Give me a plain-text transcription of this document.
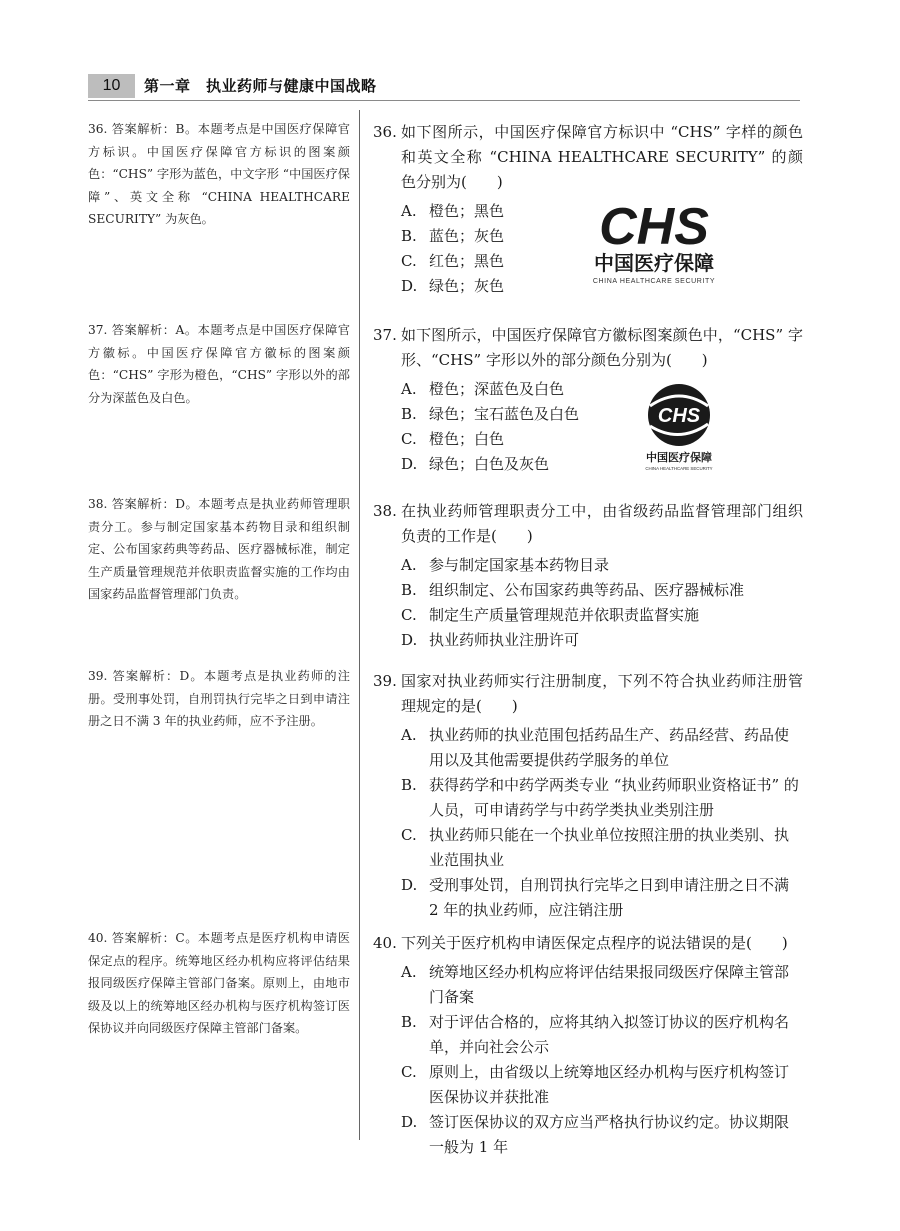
10	第一章　执业药师与健康中国战略

36. 答案解析：B。本题考点是中国医疗保障官方标识。中国医疗保障官方标识的图案颜色：“CHS” 字形为蓝色，中文字形 “中国医疗保障”、英文全称 “CHINA HEALTHCARE SECURITY” 为灰色。

37. 答案解析：A。本题考点是中国医疗保障官方徽标。中国医疗保障官方徽标的图案颜色：“CHS” 字形为橙色，“CHS” 字形以外的部分为深蓝色及白色。

38. 答案解析：D。本题考点是执业药师管理职责分工。参与制定国家基本药物目录和组织制定、公布国家药典等药品、医疗器械标准，制定生产质量管理规范并依职责监督实施的工作均由国家药品监督管理部门负责。

39. 答案解析：D。本题考点是执业药师的注册。受刑事处罚，自刑罚执行完毕之日到申请注册之日不满 3 年的执业药师，应不予注册。

40. 答案解析：C。本题考点是医疗机构申请医保定点的程序。统筹地区经办机构应将评估结果报同级医疗保障主管部门备案。原则上，由地市级及以上的统筹地区经办机构与医疗机构签订医保协议并向同级医疗保障主管部门备案。

36. 如下图所示，中国医疗保障官方标识中 “CHS” 字样的颜色和英文全称 “CHINA HEALTHCARE SECURITY” 的颜色分别为(　　)

A. 橙色；黑色
B. 蓝色；灰色
C. 红色；黑色
D. 绿色；灰色
CHS
中国医疗保障
CHINA HEALTHCARE SECURITY

37. 如下图所示，中国医疗保障官方徽标图案颜色中，“CHS” 字形、“CHS” 字形以外的部分颜色分别为(　　)

A. 橙色；深蓝色及白色
B. 绿色；宝石蓝色及白色
C. 橙色；白色
D. 绿色；白色及灰色
CHS
中国医疗保障
CHINA HEALTHCARE SECURITY

38. 在执业药师管理职责分工中，由省级药品监督管理部门组织负责的工作是(　　)

A. 参与制定国家基本药物目录
B. 组织制定、公布国家药典等药品、医疗器械标准
C. 制定生产质量管理规范并依职责监督实施
D. 执业药师执业注册许可

39. 国家对执业药师实行注册制度，下列不符合执业药师注册管理规定的是(　　)

A. 执业药师的执业范围包括药品生产、药品经营、药品使用以及其他需要提供药学服务的单位
B. 获得药学和中药学两类专业 “执业药师职业资格证书” 的人员，可申请药学与中药学类执业类别注册
C. 执业药师只能在一个执业单位按照注册的执业类别、执业范围执业
D. 受刑事处罚，自刑罚执行完毕之日到申请注册之日不满 2 年的执业药师，应注销注册

40. 下列关于医疗机构申请医保定点程序的说法错误的是(　　)

A. 统筹地区经办机构应将评估结果报同级医疗保障主管部门备案
B. 对于评估合格的，应将其纳入拟签订协议的医疗机构名单，并向社会公示
C. 原则上，由省级以上统筹地区经办机构与医疗机构签订医保协议并获批准
D. 签订医保协议的双方应当严格执行协议约定。协议期限一般为 1 年
